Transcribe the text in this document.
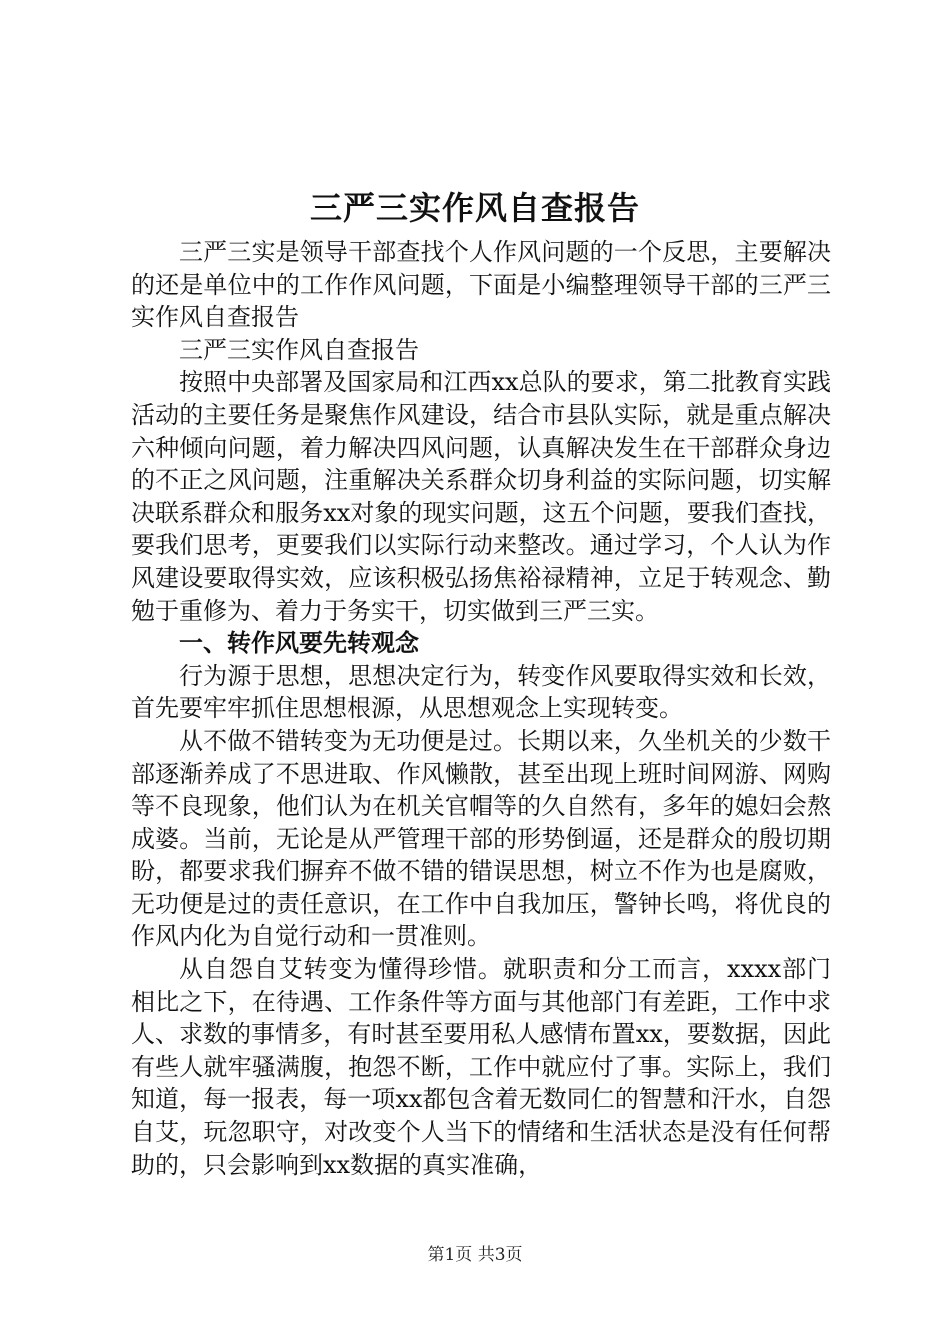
三严三实作风自查报告

三严三实是领导干部查找个人作风问题的一个反思，主要解决的还是单位中的工作作风问题，下面是小编整理领导干部的三严三实作风自查报告

三严三实作风自查报告

按照中央部署及国家局和江西xx总队的要求，第二批教育实践活动的主要任务是聚焦作风建设，结合市县队实际，就是重点解决六种倾向问题，着力解决四风问题，认真解决发生在干部群众身边的不正之风问题，注重解决关系群众切身利益的实际问题，切实解决联系群众和服务xx对象的现实问题，这五个问题，要我们查找，要我们思考，更要我们以实际行动来整改。通过学习，个人认为作风建设要取得实效，应该积极弘扬焦裕禄精神，立足于转观念、勤勉于重修为、着力于务实干，切实做到三严三实。

一、转作风要先转观念

行为源于思想，思想决定行为，转变作风要取得实效和长效，首先要牢牢抓住思想根源，从思想观念上实现转变。

从不做不错转变为无功便是过。长期以来，久坐机关的少数干部逐渐养成了不思进取、作风懒散，甚至出现上班时间网游、网购等不良现象，他们认为在机关官帽等的久自然有，多年的媳妇会熬成婆。当前，无论是从严管理干部的形势倒逼，还是群众的殷切期盼，都要求我们摒弃不做不错的错误思想，树立不作为也是腐败，无功便是过的责任意识，在工作中自我加压，警钟长鸣，将优良的作风内化为自觉行动和一贯准则。

从自怨自艾转变为懂得珍惜。就职责和分工而言，xxxx部门相比之下，在待遇、工作条件等方面与其他部门有差距，工作中求人、求数的事情多，有时甚至要用私人感情布置xx，要数据，因此有些人就牢骚满腹，抱怨不断，工作中就应付了事。实际上，我们知道，每一报表，每一项xx都包含着无数同仁的智慧和汗水，自怨自艾，玩忽职守，对改变个人当下的情绪和生活状态是没有任何帮助的，只会影响到xx数据的真实准确，

第1页 共3页
